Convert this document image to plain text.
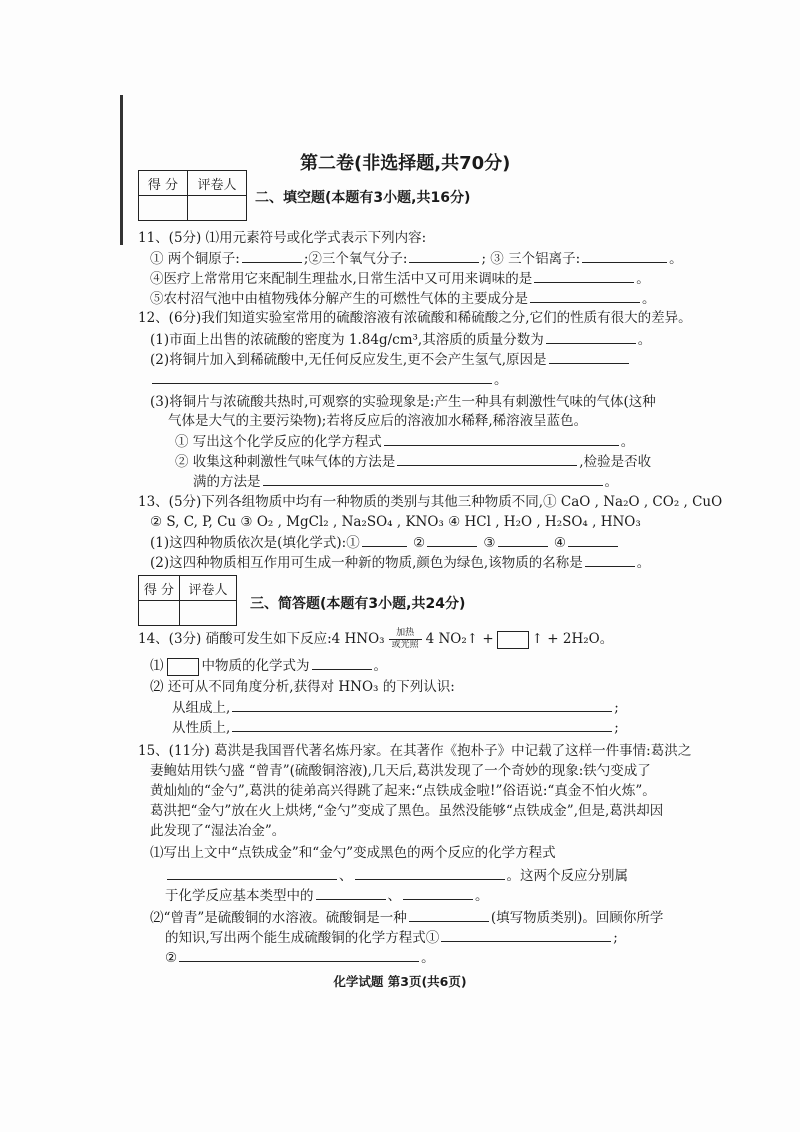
第二卷(非选择题,共70分)
得 分	评卷人

二、填空题(本题有3小题,共16分)
11、(5分) ⑴用元素符号或化学式表示下列内容:
① 两个铜原子:	;②三个氧气分子:	; ③ 三个铝离子:	。
④医疗上常常用它来配制生理盐水,日常生活中又可用来调味的是	。
⑤农村沼气池中由植物残体分解产生的可燃性气体的主要成分是	。
12、(6分)我们知道实验室常用的硫酸溶液有浓硫酸和稀硫酸之分,它们的性质有很大的差异。
(1)市面上出售的浓硫酸的密度为 1.84g/cm³,其溶质的质量分数为	。
(2)将铜片加入到稀硫酸中,无任何反应发生,更不会产生氢气,原因是
。
(3)将铜片与浓硫酸共热时,可观察的实验现象是:产生一种具有刺激性气味的气体(这种
气体是大气的主要污染物);若将反应后的溶液加水稀释,稀溶液呈蓝色。
① 写出这个化学反应的化学方程式	。
② 收集这种刺激性气味气体的方法是	,检验是否收
满的方法是	。
13、(5分)下列各组物质中均有一种物质的类别与其他三种物质不同,① CaO , Na₂O , CO₂ , CuO
② S, C, P, Cu ③ O₂ , MgCl₂ , Na₂SO₄ , KNO₃ ④ HCl , H₂O , H₂SO₄ , HNO₃
(1)这四种物质依次是(填化学式):①	②	③	④
(2)这四种物质相互作用可生成一种新的物质,颜色为绿色,该物质的名称是	。
得 分	评卷人

三、简答题(本题有3小题,共24分)
14、(3分) 硝酸可发生如下反应:4 $HNO_3 \frac{\text{加热}}{\text{或光照}} 4$ NO₂↑ +	↑ + 2H₂O。
⑴	中物质的化学式为	。
⑵ 还可从不同角度分析,获得对 HNO₃ 的下列认识:
从组成上,	;
从性质上,	;
15、(11分) 葛洪是我国晋代著名炼丹家。在其著作《抱朴子》中记载了这样一件事情:葛洪之
妻鲍姑用铁勺盛 “曾青”(硫酸铜溶液),几天后,葛洪发现了一个奇妙的现象:铁勺变成了
黄灿灿的“金勺”,葛洪的徒弟高兴得跳了起来:“点铁成金啦!”俗语说:“真金不怕火炼”。
葛洪把“金勺”放在火上烘烤,“金勺”变成了黑色。虽然没能够“点铁成金”,但是,葛洪却因
此发现了“湿法冶金”。
⑴写出上文中“点铁成金”和“金勺”变成黑色的两个反应的化学方程式
、	。这两个反应分别属
于化学反应基本类型中的	、	。
⑵“曾青”是硫酸铜的水溶液。硫酸铜是一种	(填写物质类别)。回顾你所学
的知识,写出两个能生成硫酸铜的化学方程式①	;
②	。
化学试题 第3页(共6页)
